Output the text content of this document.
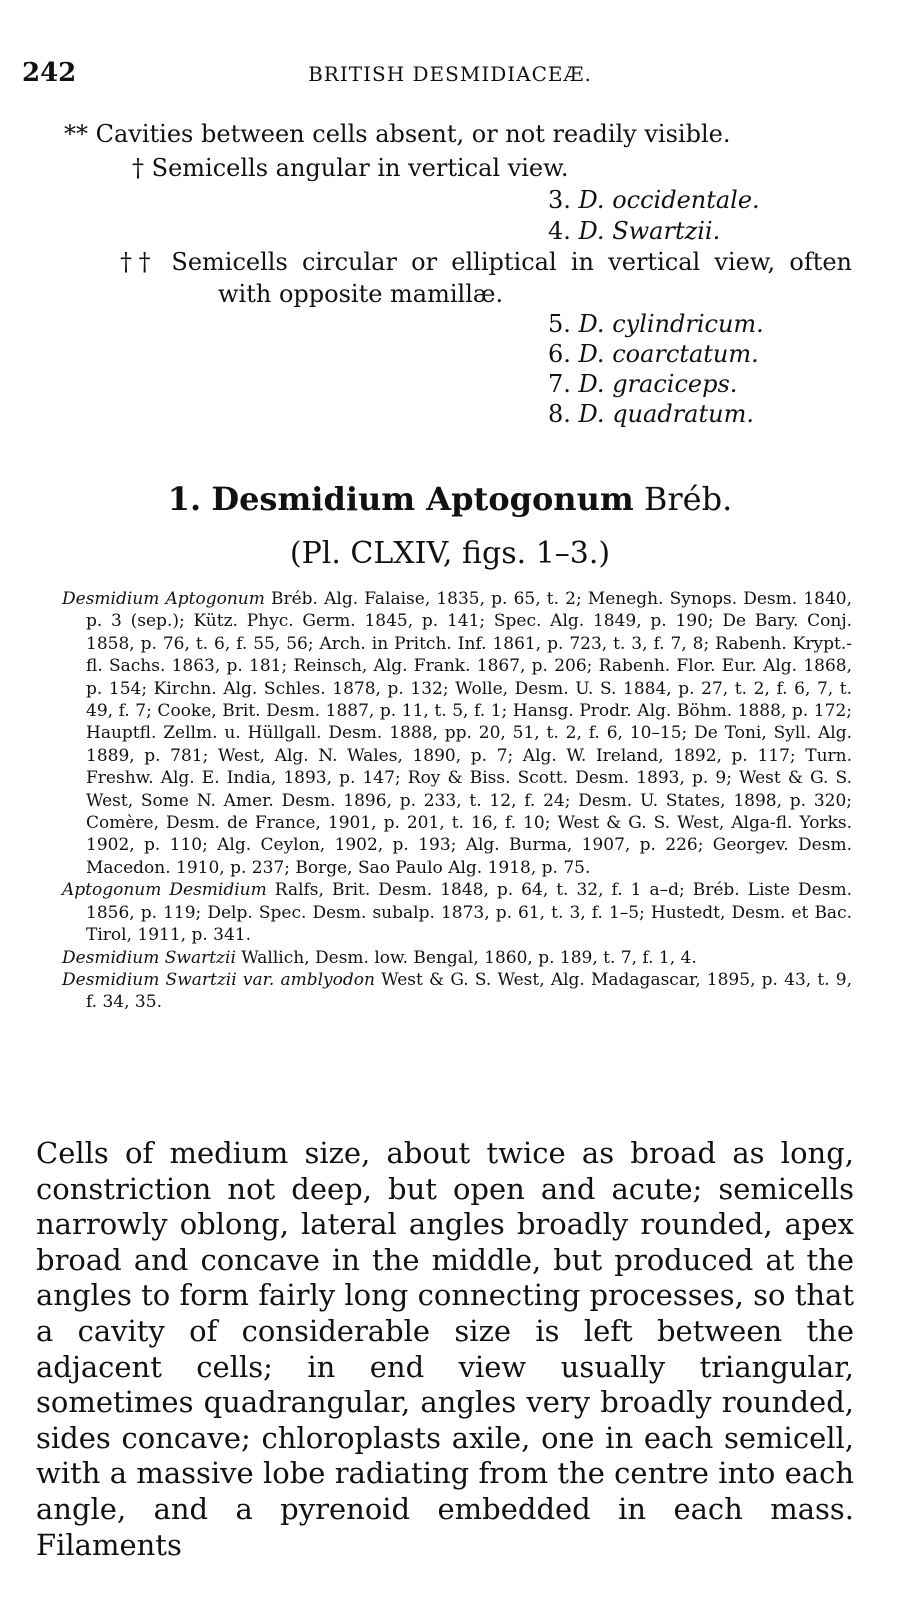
242	BRITISH DESMIDIACEÆ.
** Cavities between cells absent, or not readily visible.
† Semicells angular in vertical view.
3. D. occidentale.
4. D. Swartzii.
†† Semicells circular or elliptical in vertical view, often
with opposite mamillæ.
5. D. cylindricum.
6. D. coarctatum.
7. D. graciceps.
8. D. quadratum.
1. Desmidium Aptogonum Bréb.
(Pl. CLXIV, figs. 1–3.)
Desmidium Aptogonum Bréb. Alg. Falaise, 1835, p. 65, t. 2; Menegh. Synops. Desm. 1840, p. 3 (sep.); Kütz. Phyc. Germ. 1845, p. 141; Spec. Alg. 1849, p. 190; De Bary. Conj. 1858, p. 76, t. 6, f. 55, 56; Arch. in Pritch. Inf. 1861, p. 723, t. 3, f. 7, 8; Rabenh. Krypt.-fl. Sachs. 1863, p. 181; Reinsch, Alg. Frank. 1867, p. 206; Rabenh. Flor. Eur. Alg. 1868, p. 154; Kirchn. Alg. Schles. 1878, p. 132; Wolle, Desm. U. S. 1884, p. 27, t. 2, f. 6, 7, t. 49, f. 7; Cooke, Brit. Desm. 1887, p. 11, t. 5, f. 1; Hansg. Prodr. Alg. Böhm. 1888, p. 172; Hauptfl. Zellm. u. Hüllgall. Desm. 1888, pp. 20, 51, t. 2, f. 6, 10–15; De Toni, Syll. Alg. 1889, p. 781; West, Alg. N. Wales, 1890, p. 7; Alg. W. Ireland, 1892, p. 117; Turn. Freshw. Alg. E. India, 1893, p. 147; Roy & Biss. Scott. Desm. 1893, p. 9; West & G. S. West, Some N. Amer. Desm. 1896, p. 233, t. 12, f. 24; Desm. U. States, 1898, p. 320; Comère, Desm. de France, 1901, p. 201, t. 16, f. 10; West & G. S. West, Alga-fl. Yorks. 1902, p. 110; Alg. Ceylon, 1902, p. 193; Alg. Burma, 1907, p. 226; Georgev. Desm. Macedon. 1910, p. 237; Borge, Sao Paulo Alg. 1918, p. 75.
Aptogonum Desmidium Ralfs, Brit. Desm. 1848, p. 64, t. 32, f. 1 a–d; Bréb. Liste Desm. 1856, p. 119; Delp. Spec. Desm. subalp. 1873, p. 61, t. 3, f. 1–5; Hustedt, Desm. et Bac. Tirol, 1911, p. 341.
Desmidium Swartzii Wallich, Desm. low. Bengal, 1860, p. 189, t. 7, f. 1, 4.
Desmidium Swartzii var. amblyodon West & G. S. West, Alg. Madagascar, 1895, p. 43, t. 9, f. 34, 35.
Cells of medium size, about twice as broad as long, constriction not deep, but open and acute; semicells narrowly oblong, lateral angles broadly rounded, apex broad and concave in the middle, but produced at the angles to form fairly long connecting processes, so that a cavity of considerable size is left between the adjacent cells; in end view usually triangular, sometimes quadrangular, angles very broadly rounded, sides concave; chloroplasts axile, one in each semicell, with a massive lobe radiating from the centre into each angle, and a pyrenoid embedded in each mass. Filaments
